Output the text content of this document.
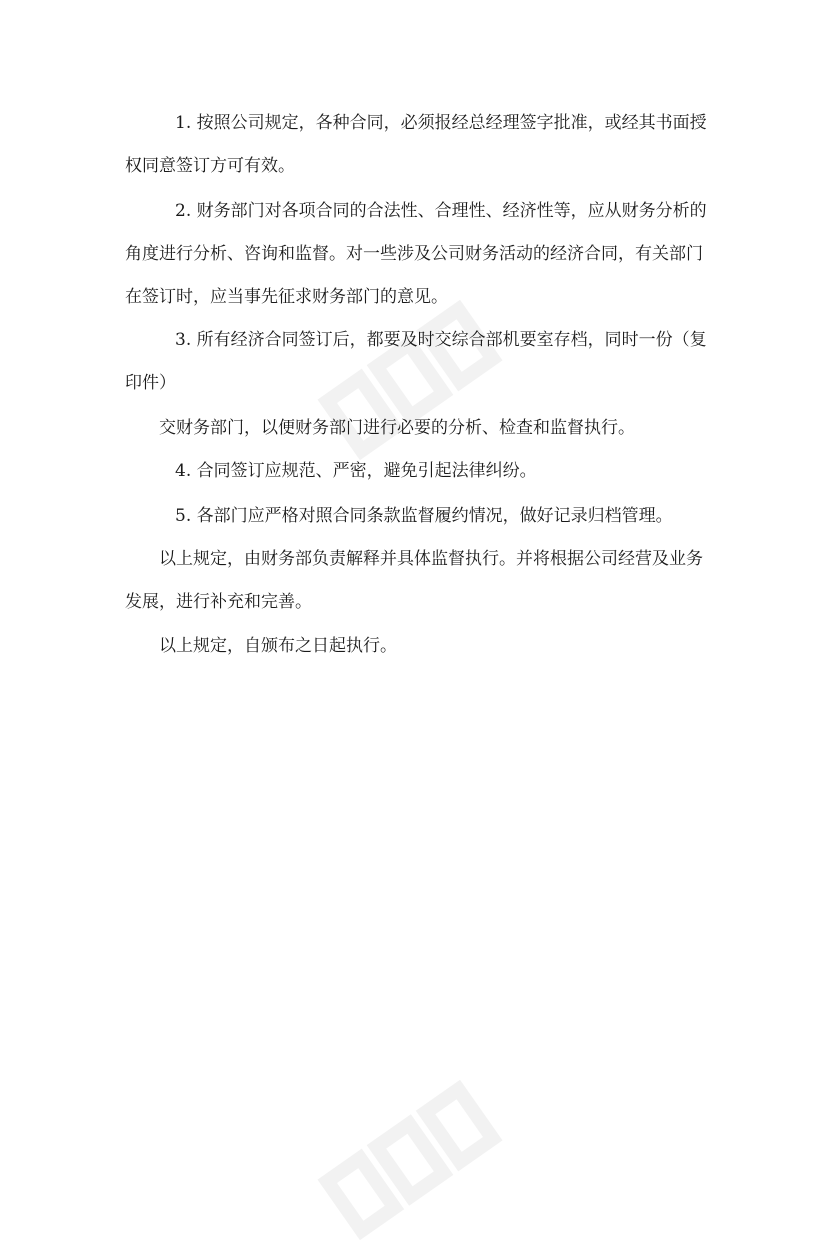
1. 按照公司规定，各种合同，必须报经总经理签字批准，或经其书面授
权同意签订方可有效。
2. 财务部门对各项合同的合法性、合理性、经济性等，应从财务分析的
角度进行分析、咨询和监督。对一些涉及公司财务活动的经济合同，有关部门
在签订时，应当事先征求财务部门的意见。
3. 所有经济合同签订后，都要及时交综合部机要室存档，同时一份（复
印件）
交财务部门，以便财务部门进行必要的分析、检查和监督执行。
4. 合同签订应规范、严密，避免引起法律纠纷。
5. 各部门应严格对照合同条款监督履约情况，做好记录归档管理。
以上规定，由财务部负责解释并具体监督执行。并将根据公司经营及业务
发展，进行补充和完善。
以上规定，自颁布之日起执行。
